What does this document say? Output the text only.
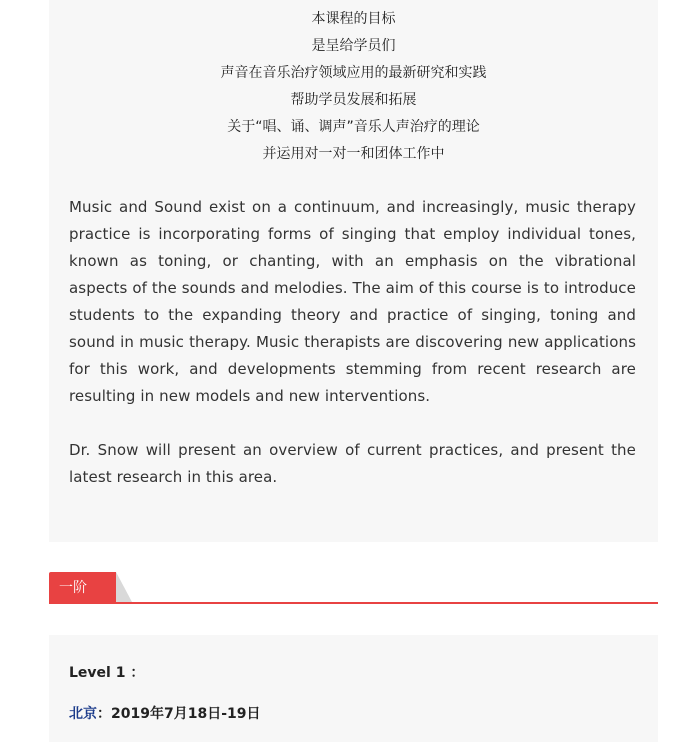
本课程的目标
是呈给学员们
声音在音乐治疗领域应用的最新研究和实践
帮助学员发展和拓展
关于“唱、诵、调声”音乐人声治疗的理论
并运用对一对一和团体工作中
Music and Sound exist on a continuum, and increasingly, music therapy practice is incorporating forms of singing that employ individual tones, known as toning, or chanting, with an emphasis on the vibrational aspects of the sounds and melodies. The aim of this course is to introduce students to the expanding theory and practice of singing, toning and sound in music therapy. Music therapists are discovering new applications for this work, and developments stemming from recent research are resulting in new models and new interventions.
Dr. Snow will present an overview of current practices, and present the latest research in this area.
一阶
Level 1 ：
北京：2019年7月18日-19日
